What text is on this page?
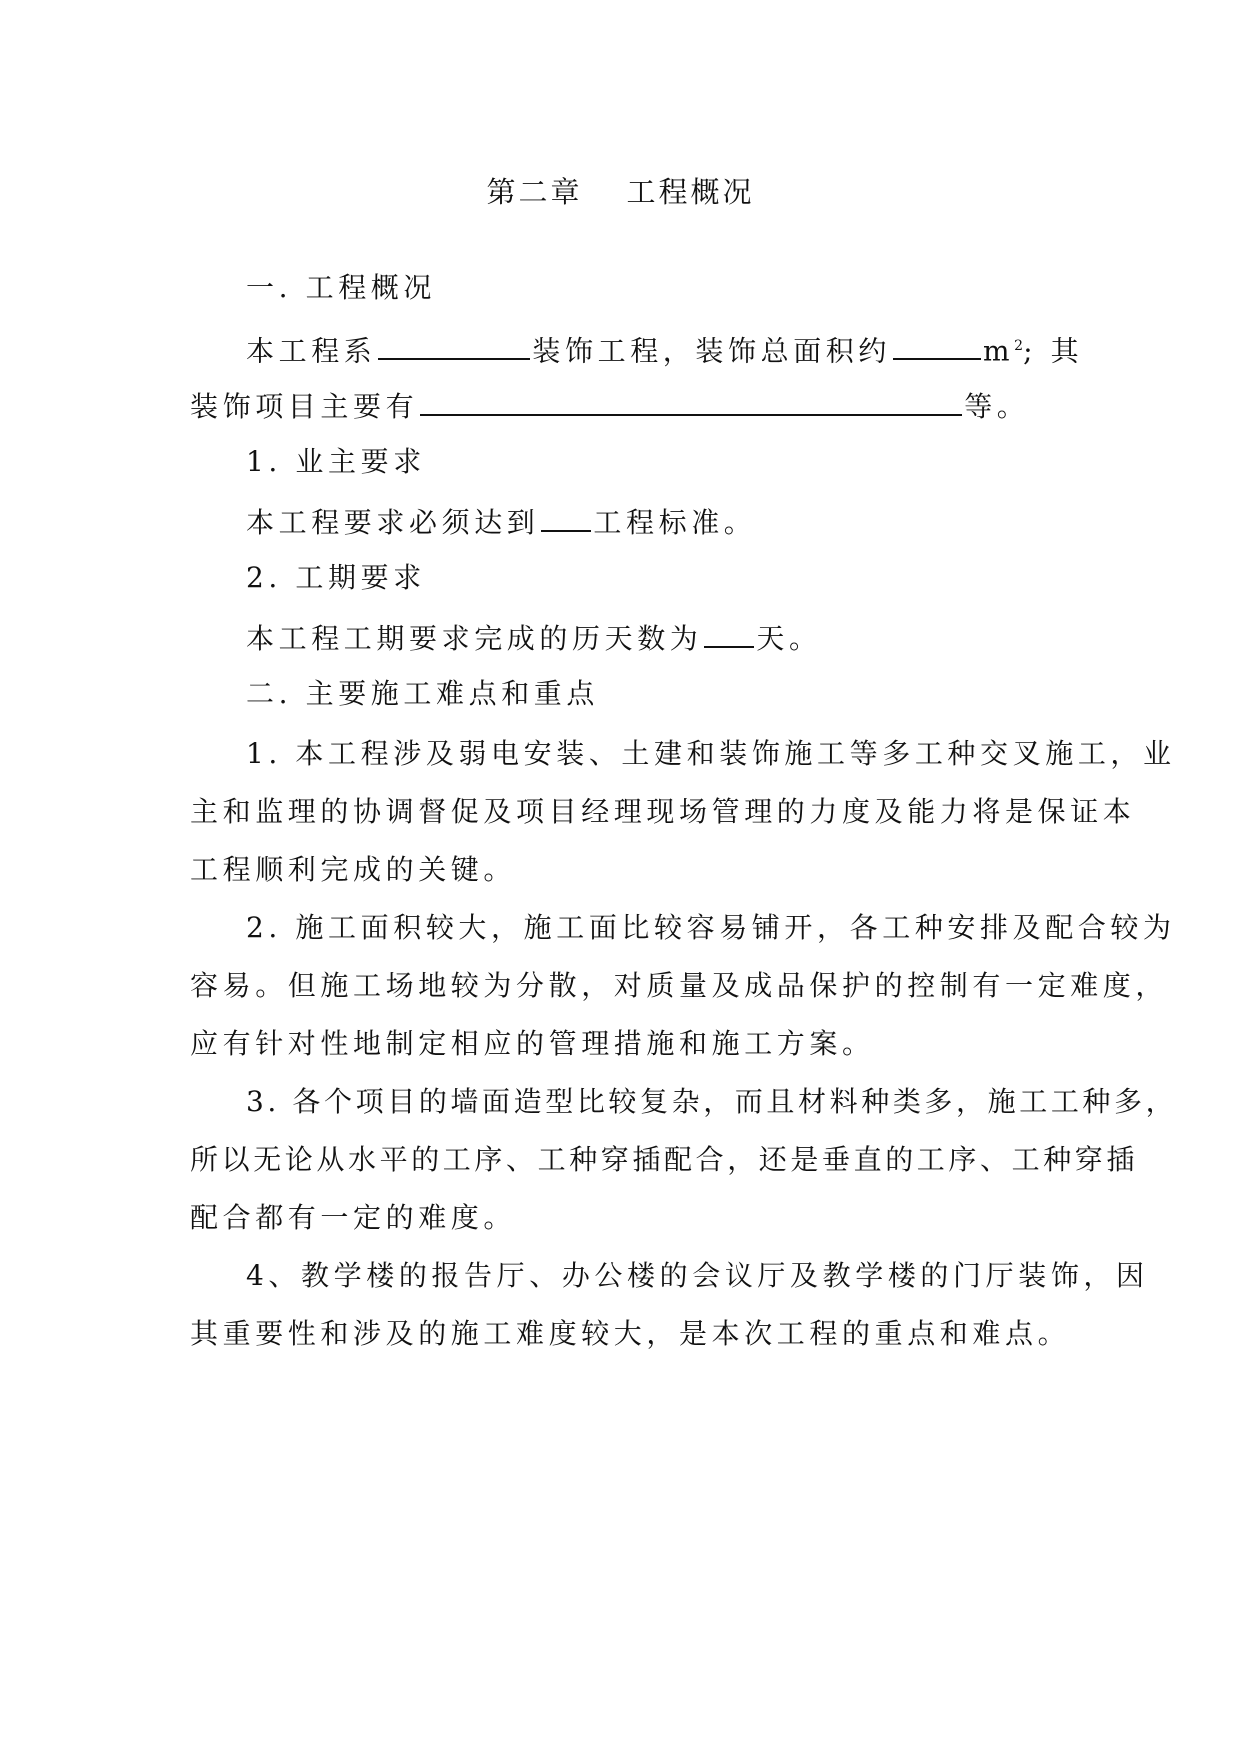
第二章 工程概况
一. 工程概况
本工程系	装饰工程，装饰总面积约	$m^2$; 其
装饰项目主要有	等。
1. 业主要求
本工程要求必须达到 工程标准。
2. 工期要求
本工程工期要求完成的历天数为 天。
二. 主要施工难点和重点
1. 本工程涉及弱电安装、土建和装饰施工等多工种交叉施工，业
主和监理的协调督促及项目经理现场管理的力度及能力将是保证本
工程顺利完成的关键。
2. 施工面积较大，施工面比较容易铺开，各工种安排及配合较为
容易。但施工场地较为分散，对质量及成品保护的控制有一定难度，
应有针对性地制定相应的管理措施和施工方案。
3. 各个项目的墙面造型比较复杂，而且材料种类多，施工工种多，
所以无论从水平的工序、工种穿插配合，还是垂直的工序、工种穿插
配合都有一定的难度。
4、教学楼的报告厅、办公楼的会议厅及教学楼的门厅装饰，因
其重要性和涉及的施工难度较大，是本次工程的重点和难点。
